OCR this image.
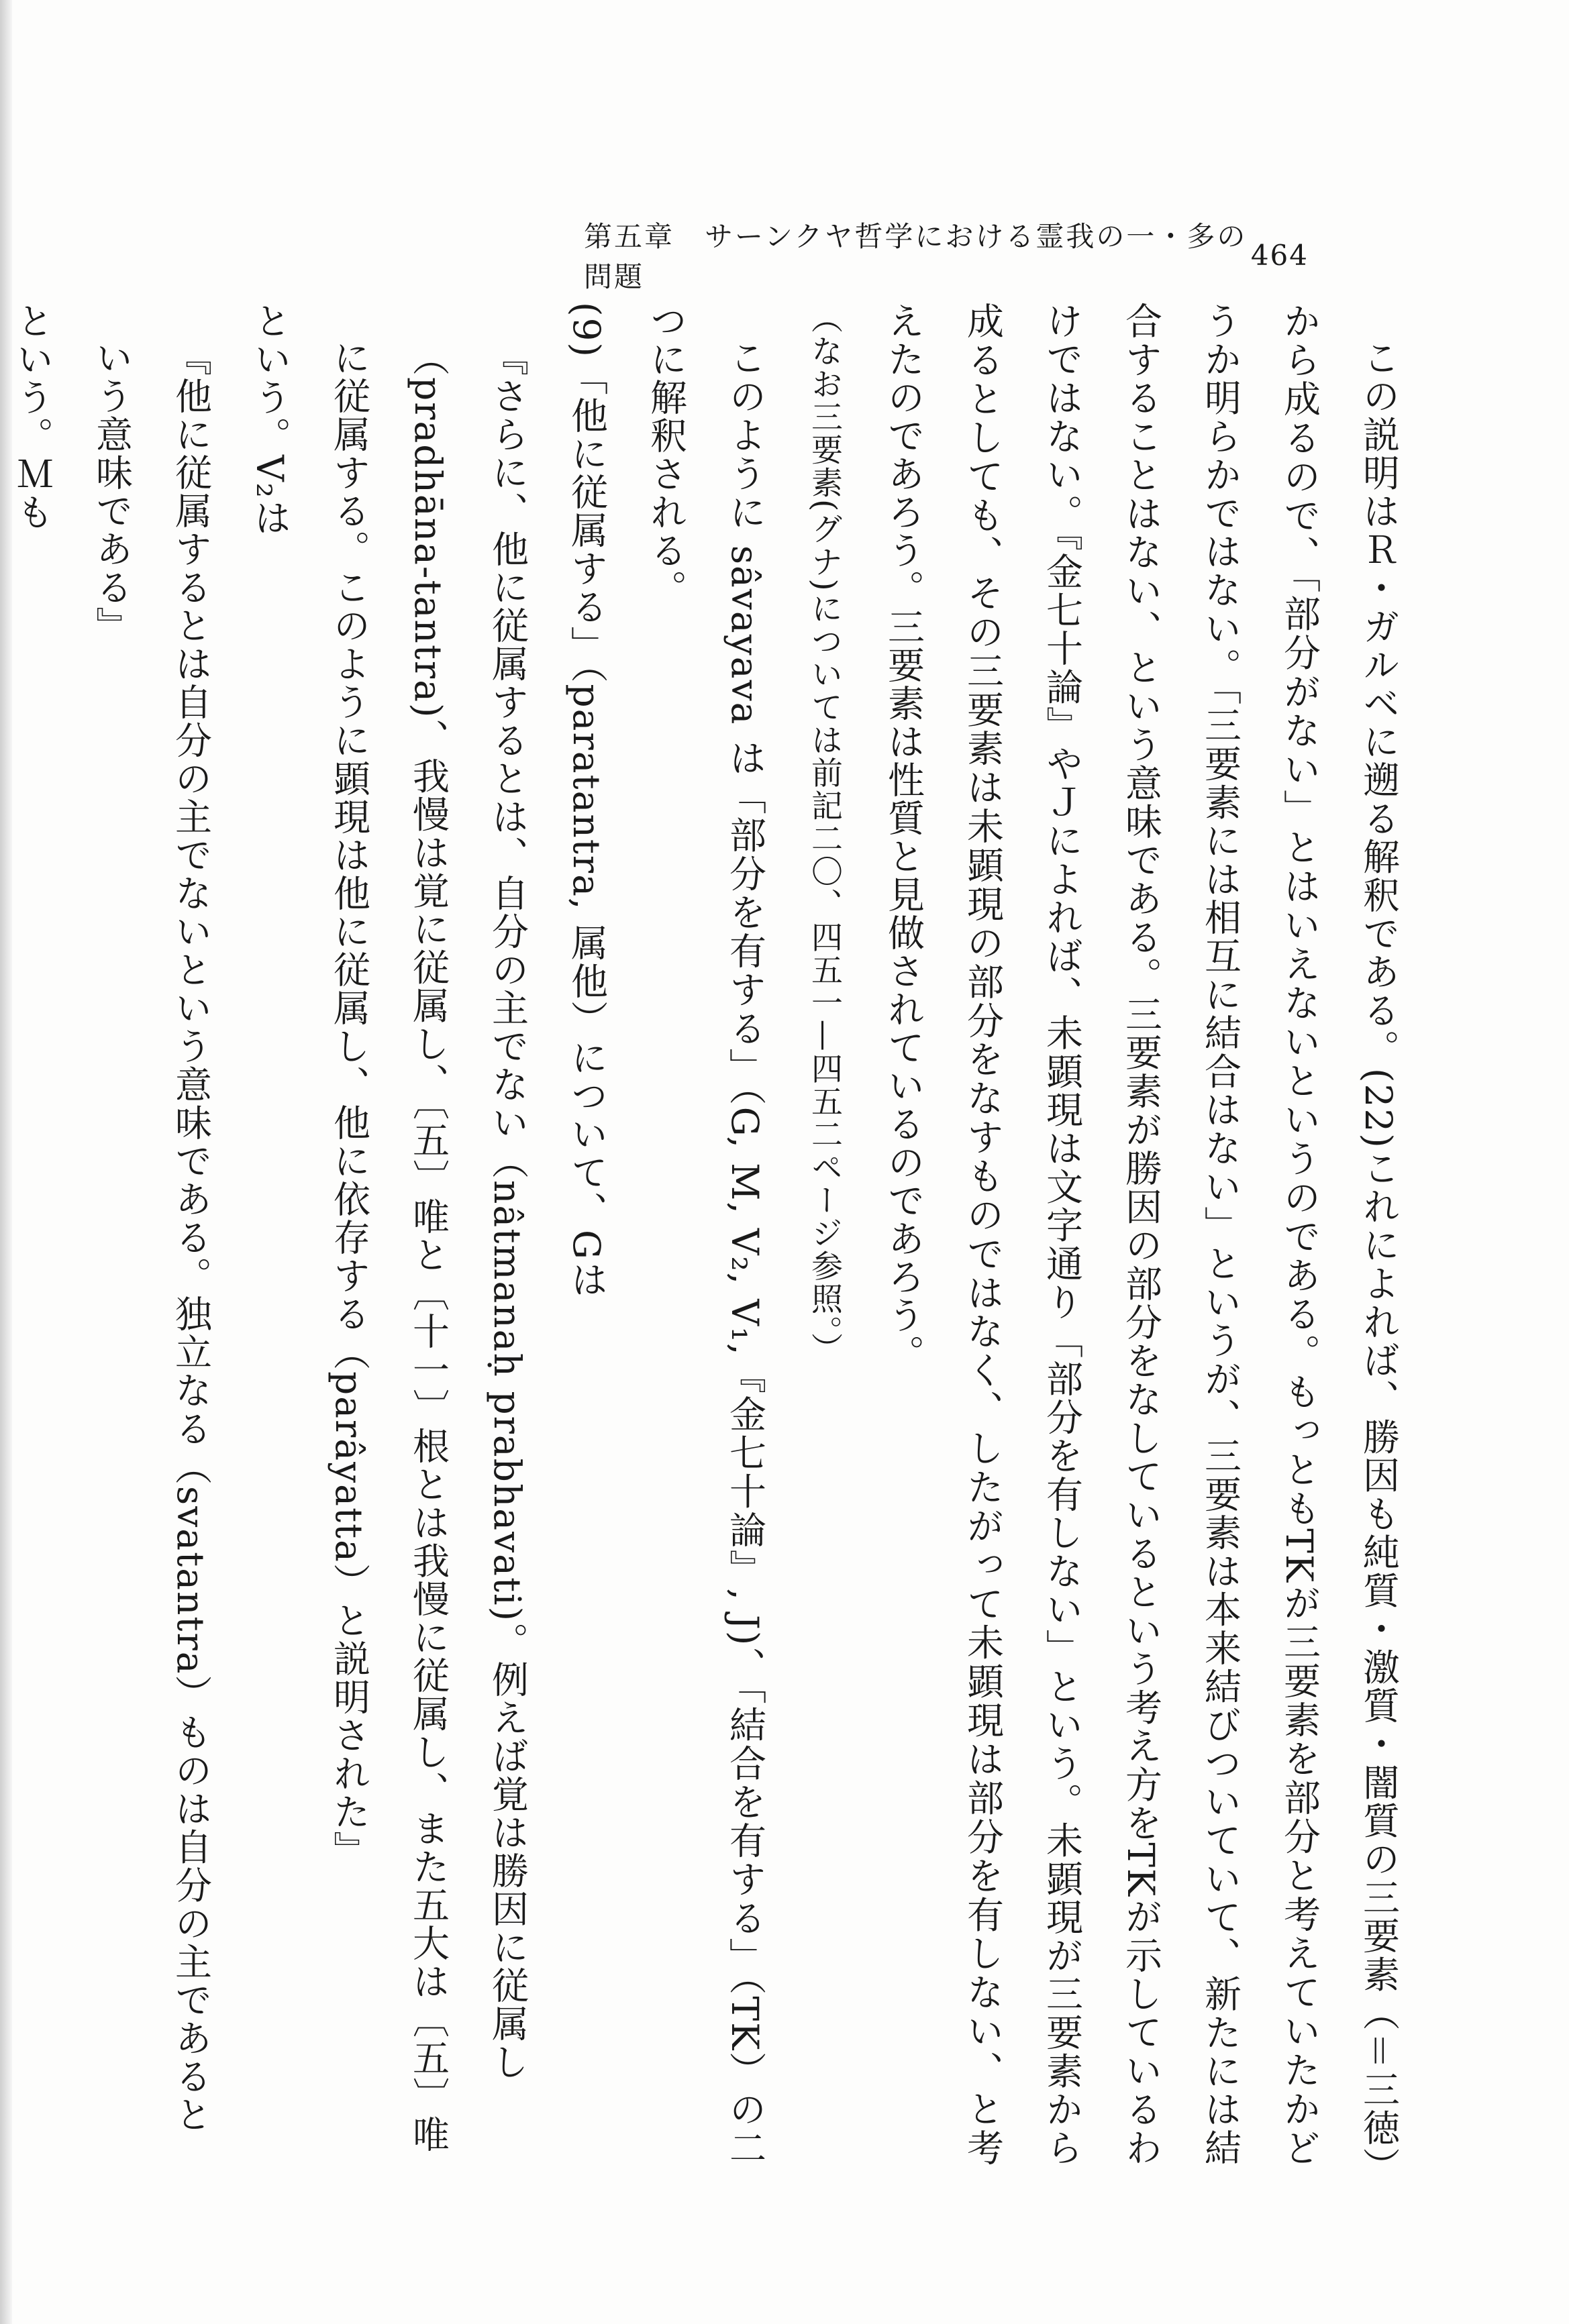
第五章　サーンクヤ哲学における霊我の一・多の問題
464

この説明はＲ・ガルベに遡る解釈である。(22)これによれば、勝因も純質・激質・闇質の三要素（＝三徳）から成るので、「部分がない」とはいえないというのである。もっともTKが三要素を部分と考えていたかどうか明らかではない。「三要素には相互に結合はない」というが、三要素は本来結びついていて、新たには結合することはない、という意味である。三要素が勝因の部分をなしているという考え方をTKが示しているわけではない。『金七十論』やＪによれば、未顕現は文字通り「部分を有しない」という。未顕現が三要素から成るとしても、その三要素は未顕現の部分をなすものではなく、したがって未顕現は部分を有しない、と考えたのであろう。三要素は性質と見做されているのであろう。

（なお三要素(グナ)については前記二〇、四五一—四五二ページ参照。）

このように sâvayava は「部分を有する」（G, M, V₂, V₁,『金七十論』, J)、「結合を有する」（TK）の二つに解釈される。

(9)「他に従属する」（paratantra, 属他）について、Gは

『さらに、他に従属するとは、自分の主でない（nâtmanaḥ prabhavati)。例えば覚は勝因に従属し（pradhāna-tantra)、我慢は覚に従属し、〔五〕唯と〔十一〕根とは我慢に従属し、また五大は〔五〕唯に従属する。このように顕現は他に従属し、他に依存する（parâyatta）と説明された』

という。V₂は

『他に従属するとは自分の主でないという意味である。独立なる（svatantra）ものは自分の主であるという意味である』

という。Ｍも
